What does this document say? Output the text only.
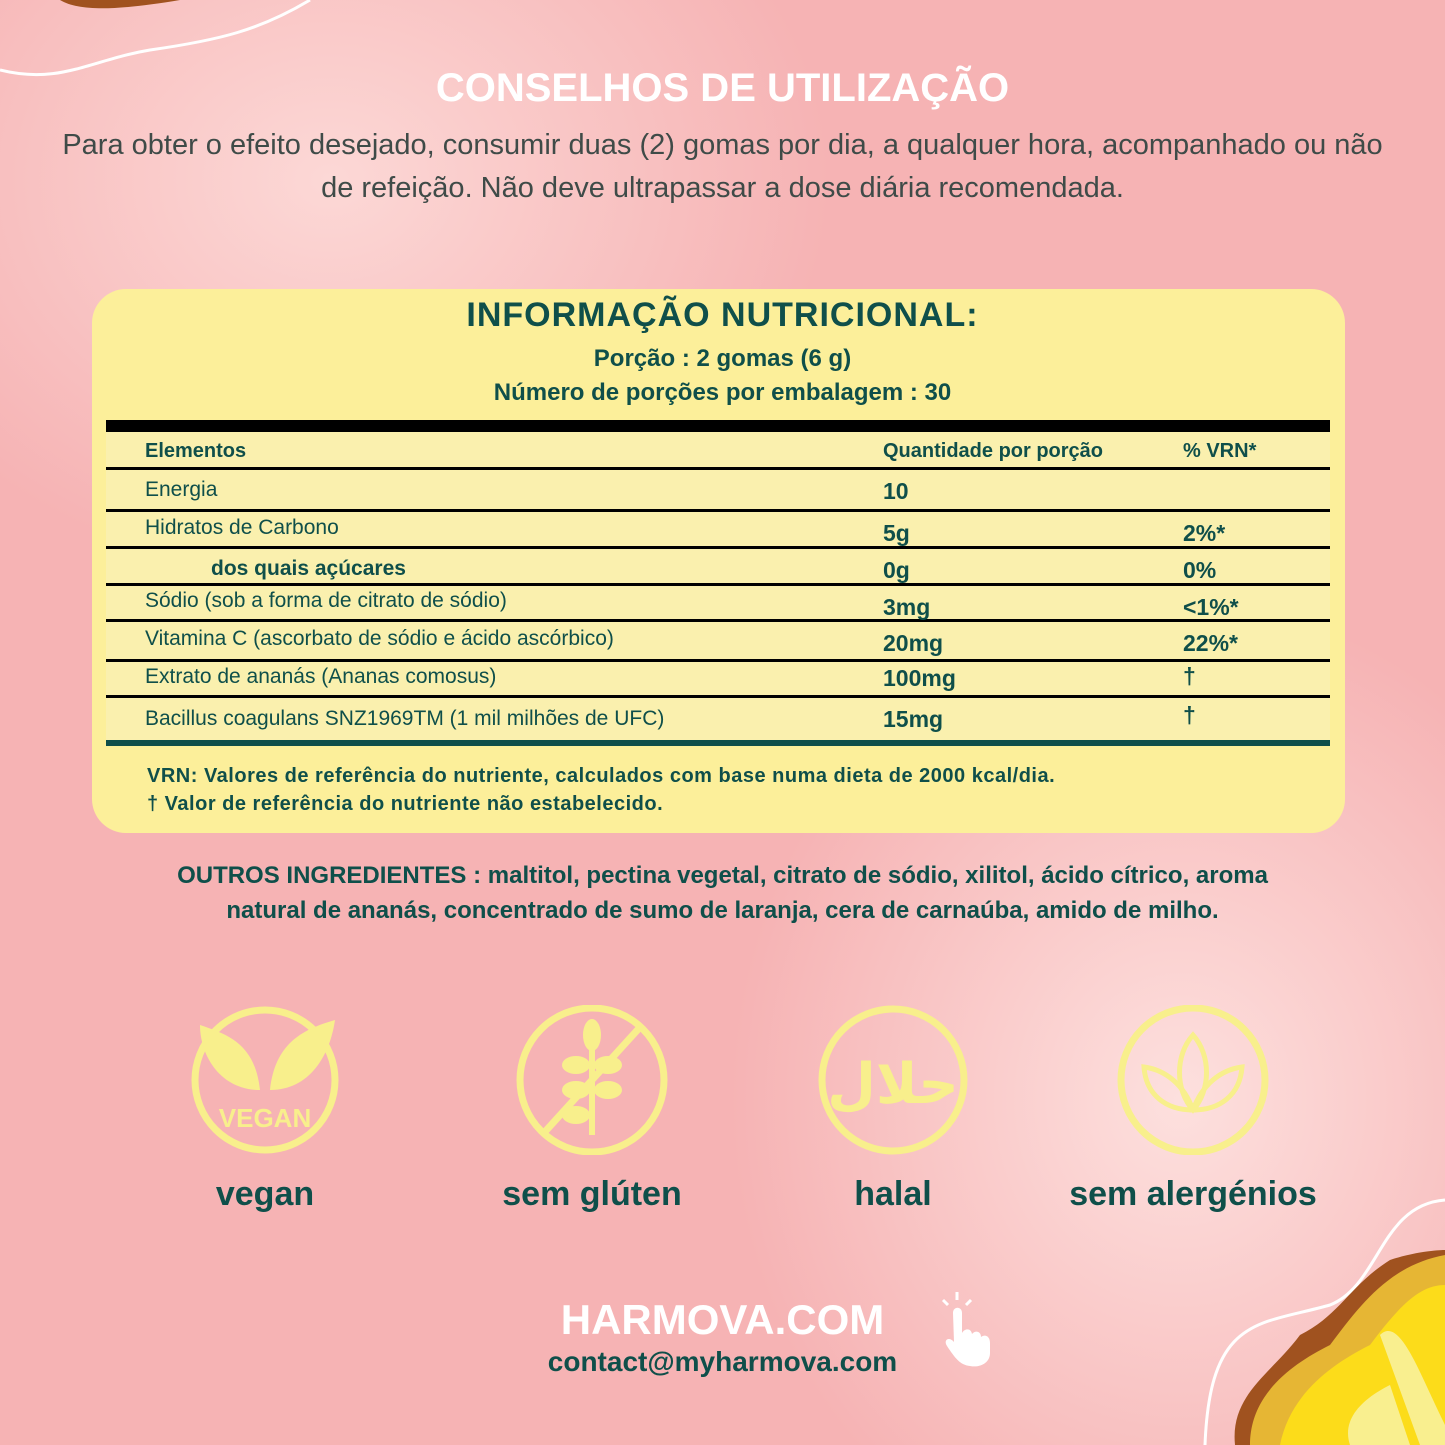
CONSELHOS DE UTILIZAÇÃO
Para obter o efeito desejado, consumir duas (2) gomas por dia, a qualquer hora, acompanhado ou não de refeição. Não deve ultrapassar a dose diária recomendada.
INFORMAÇÃO NUTRICIONAL:
Porção : 2 gomas (6 g)
Número de porções por embalagem : 30
Elementos	Quantidade por porção	% VRN*
Energia	10
Hidratos de Carbono	5g	2%*
dos quais açúcares	0g	0%
Sódio (sob a forma de citrato de sódio)	3mg	<1%*
Vitamina C (ascorbato de sódio e ácido ascórbico)	20mg	22%*
Extrato de ananás (Ananas comosus)	100mg	†
Bacillus coagulans SNZ1969TM (1 mil milhões de UFC)	15mg	†
VRN: Valores de referência do nutriente, calculados com base numa dieta de 2000 kcal/dia.
† Valor de referência do nutriente não estabelecido.
OUTROS INGREDIENTES : maltitol, pectina vegetal, citrato de sódio, xilitol, ácido cítrico, aroma natural de ananás, concentrado de sumo de laranja, cera de carnaúba, amido de milho.
VEGAN
vegan	sem glúten
حلال
halal	sem alergénios
HARMOVA.COM
contact@myharmova.com
